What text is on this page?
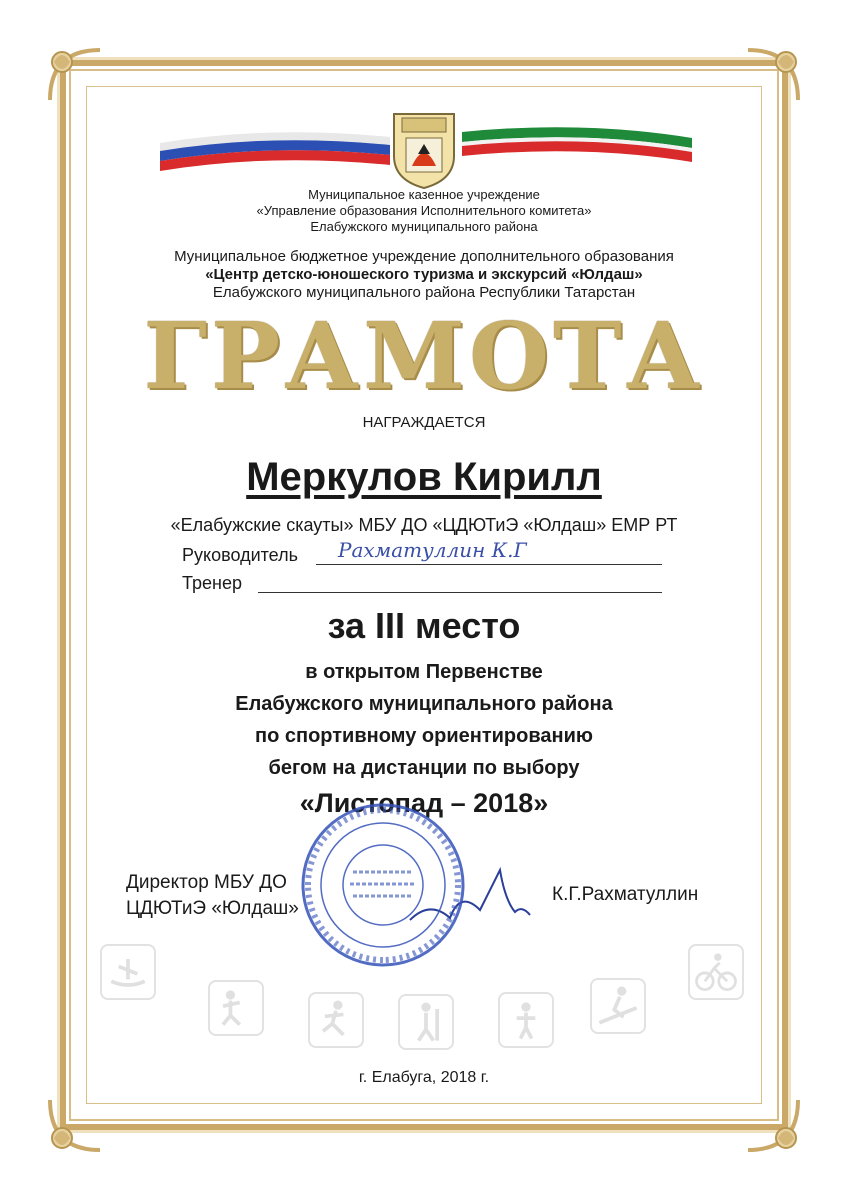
Муниципальное казенное учреждение
«Управление образования Исполнительного комитета»
Елабужского муниципального района
Муниципальное бюджетное учреждение дополнительного образования
«Центр детско-юношеского туризма и экскурсий «Юлдаш»
Елабужского муниципального района Республики Татарстан
ГРАМОТА
НАГРАЖДАЕТСЯ
Меркулов Кирилл
«Елабужские скауты» МБУ ДО «ЦДЮТиЭ «Юлдаш» ЕМР РТ
Руководитель Рахматуллин К.Г
Тренер
за III место
в открытом Первенстве
Елабужского муниципального района
по спортивному ориентированию
бегом на дистанции по выбору
«Листопад – 2018»
Директор МБУ ДО
ЦДЮТиЭ «Юлдаш»
К.Г.Рахматуллин
г. Елабуга, 2018 г.
